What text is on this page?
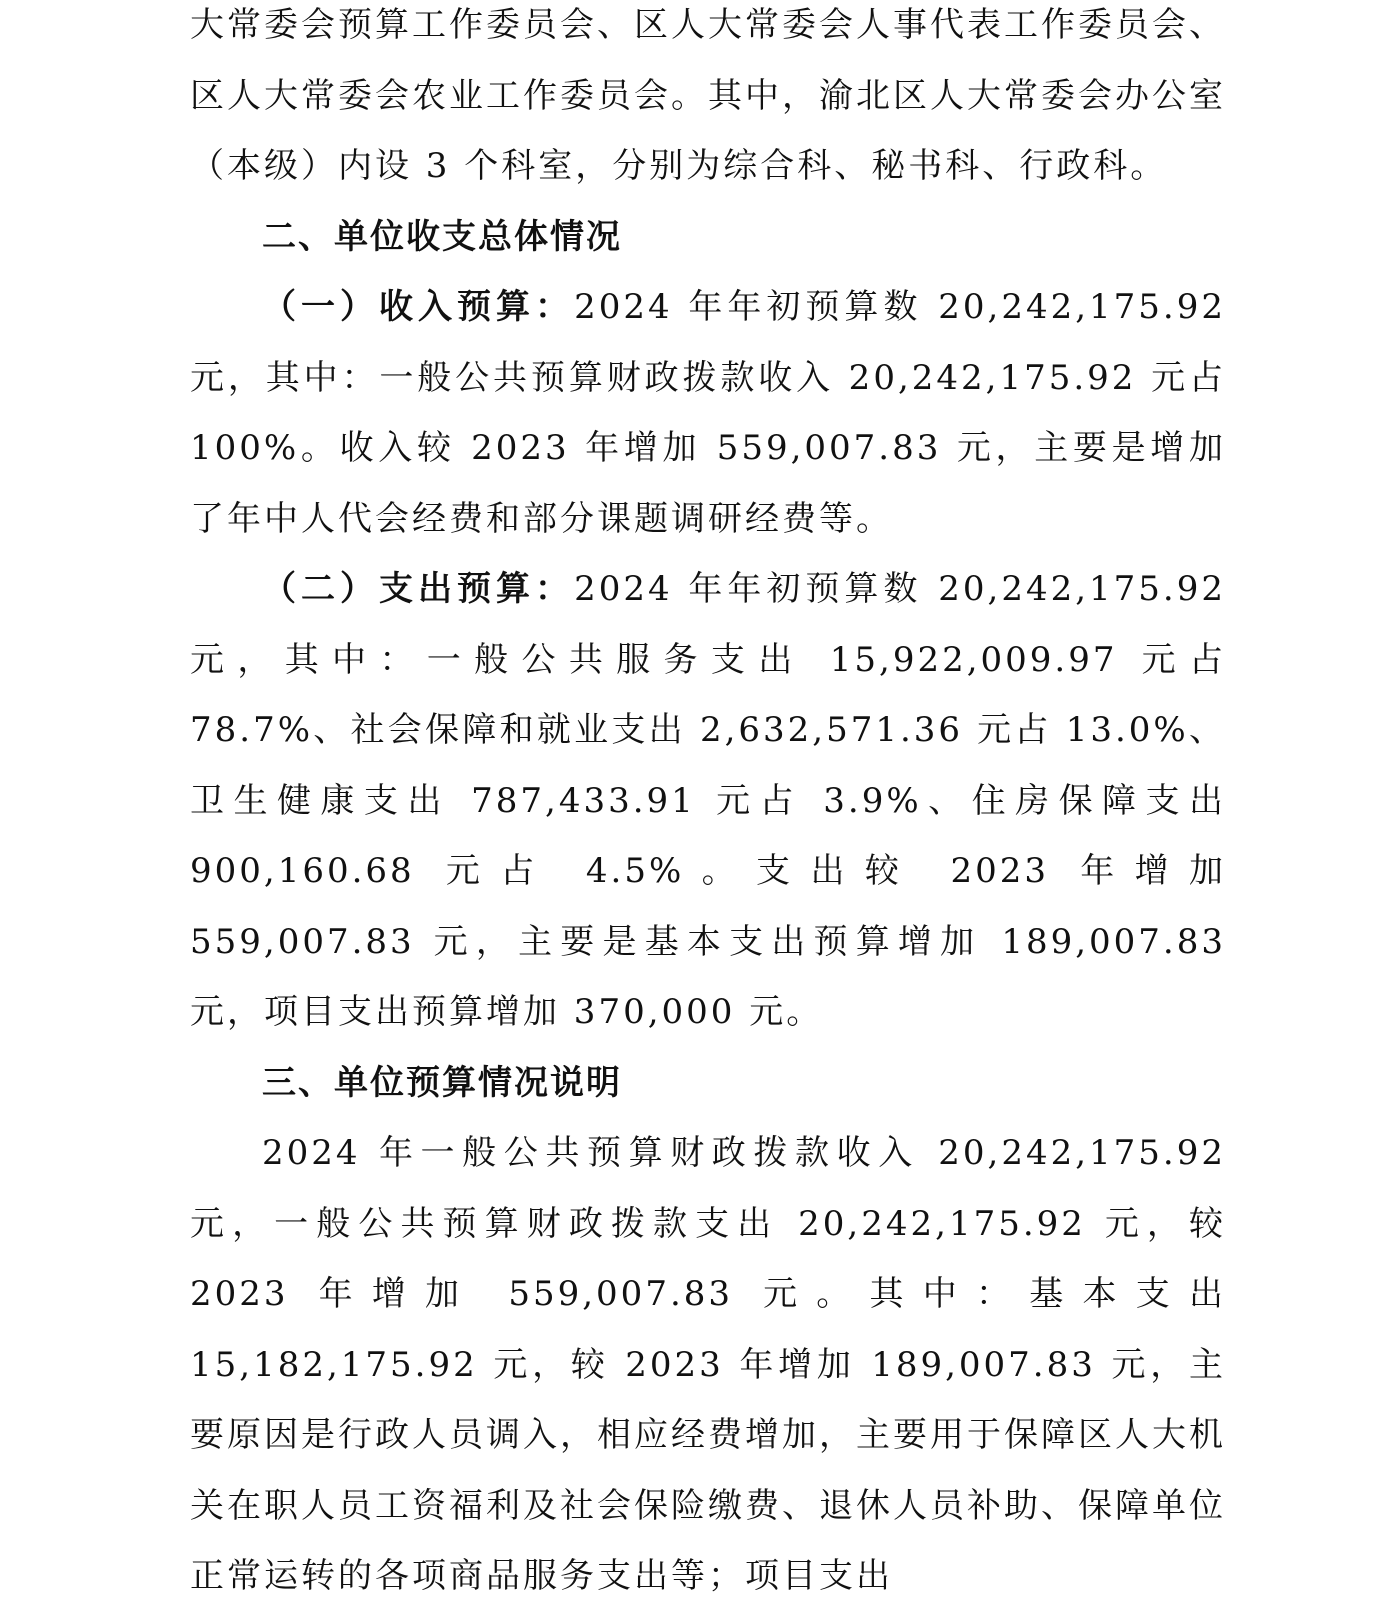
大常委会预算工作委员会、区人大常委会人事代表工作委员会、区人大常委会农业工作委员会。其中，渝北区人大常委会办公室（本级）内设 3 个科室，分别为综合科、秘书科、行政科。

二、单位收支总体情况

（一）收入预算：2024 年年初预算数 20,242,175.92 元，其中：一般公共预算财政拨款收入 20,242,175.92 元占 100%。收入较 2023 年增加 559,007.83 元，主要是增加了年中人代会经费和部分课题调研经费等。

（二）支出预算：2024 年年初预算数 20,242,175.92 元，其中：一般公共服务支出 15,922,009.97 元占 78.7%、社会保障和就业支出 2,632,571.36 元占 13.0%、卫生健康支出 787,433.91 元占 3.9%、住房保障支出 900,160.68 元占 4.5%。支出较 2023 年增加 559,007.83 元，主要是基本支出预算增加 189,007.83 元，项目支出预算增加 370,000 元。

三、单位预算情况说明

2024 年一般公共预算财政拨款收入 20,242,175.92 元，一般公共预算财政拨款支出 20,242,175.92 元，较 2023 年增加 559,007.83 元。其中：基本支出 15,182,175.92 元，较 2023 年增加 189,007.83 元，主要原因是行政人员调入，相应经费增加，主要用于保障区人大机关在职人员工资福利及社会保险缴费、退休人员补助、保障单位正常运转的各项商品服务支出等；项目支出
